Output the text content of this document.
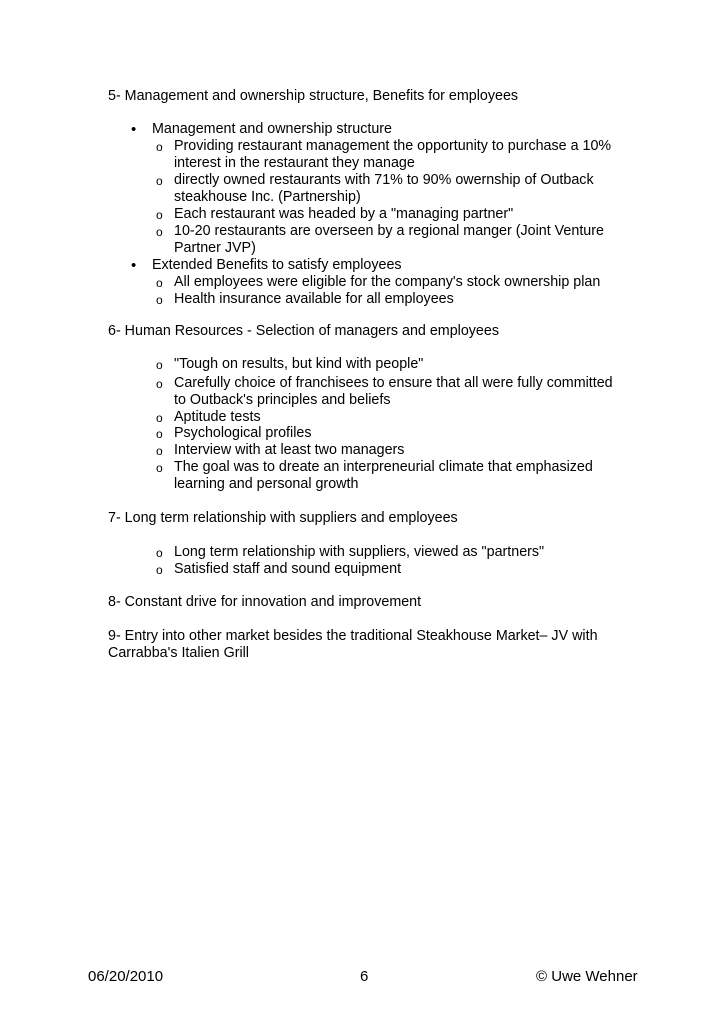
5- Management and ownership structure, Benefits for employees
• Management and ownership structure
o Providing restaurant management the opportunity to purchase a 10%
interest in the restaurant they manage
o directly owned restaurants with 71% to 90% owernship of Outback
steakhouse Inc. (Partnership)
o Each restaurant was headed by a "managing partner"
o 10-20 restaurants are overseen by a regional manger (Joint Venture
Partner JVP)
• Extended Benefits to satisfy employees
o All employees were eligible for the company's stock ownership plan
o Health insurance available for all employees
6- Human Resources - Selection of managers and employees
o "Tough on results, but kind with people"
o Carefully choice of franchisees to ensure that all were fully committed
to Outback's principles and beliefs
o Aptitude tests
o Psychological profiles
o Interview with at least two managers
o The goal was to dreate an interpreneurial climate that emphasized
learning and personal growth
7- Long term relationship with suppliers and employees
o Long term relationship with suppliers, viewed as "partners"
o Satisfied staff and sound equipment
8- Constant drive for innovation and improvement
9- Entry into other market besides the traditional Steakhouse Market– JV with
Carrabba's Italien Grill
06/20/2010	6	© Uwe Wehner
